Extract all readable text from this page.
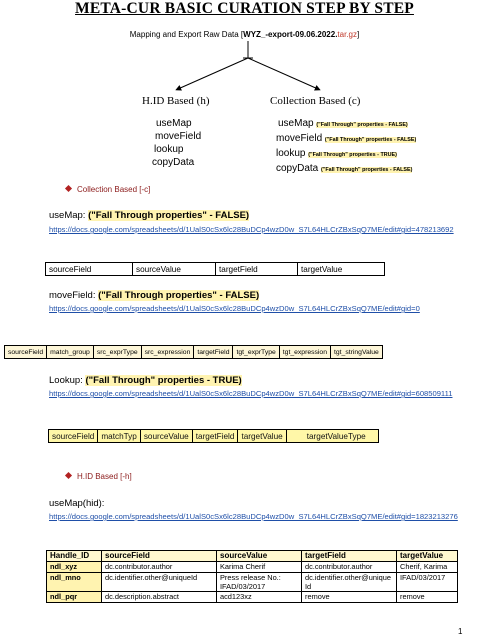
META-CUR BASIC CURATION STEP BY STEP
Mapping and Export Raw Data [WYZ_-export-09.06.2022.tar.gz]
H.ID Based (h)
useMap
moveField
lookup
copyData
Collection Based (c)
useMap ("Fall Through" properties - FALSE)
moveField ("Fall Through" properties - FALSE)
lookup ("Fall Through" properties - TRUE)
copyData ("Fall Through" properties - FALSE)
Collection Based [-c]
useMap: ("Fall Through properties" - FALSE)
https://docs.google.com/spreadsheets/d/1UalS0cSx6lc28BuDCp4wzD0w_S7L64HLCrZBxSqQ7ME/edit#gid=478213692
sourceField	sourceValue	targetField	targetValue
moveField: ("Fall Through properties" - FALSE)
https://docs.google.com/spreadsheets/d/1UalS0cSx6lc28BuDCp4wzD0w_S7L64HLCrZBxSqQ7ME/edit#gid=0
sourceField	match_group	src_exprType	src_expression	targetField	tgt_exprType	tgt_expression	tgt_stringValue
Lookup: ("Fall Through" properties - TRUE)
https://docs.google.com/spreadsheets/d/1UalS0cSx6lc28BuDCp4wzD0w_S7L64HLCrZBxSqQ7ME/edit#gid=608509111
sourceField	matchTyp	sourceValue	targetField	targetValue	targetValueType
H.ID Based [-h]
useMap(hid):
https://docs.google.com/spreadsheets/d/1UalS0cSx6lc28BuDCp4wzD0w_S7L64HLCrZBxSqQ7ME/edit#gid=1823213276
Handle_ID	sourceField	sourceValue	targetField	targetValue
ndl_xyz	dc.contributor.author	Karima Cherif	dc.contributor.author	Cherif, Karima
ndl_mno	dc.identifier.other@uniqueId	Press release No.: IFAD/03/2017	dc.identifier.other@uniqueId	IFAD/03/2017
ndl_pqr	dc.description.abstract	acd123xz	remove	remove
1
